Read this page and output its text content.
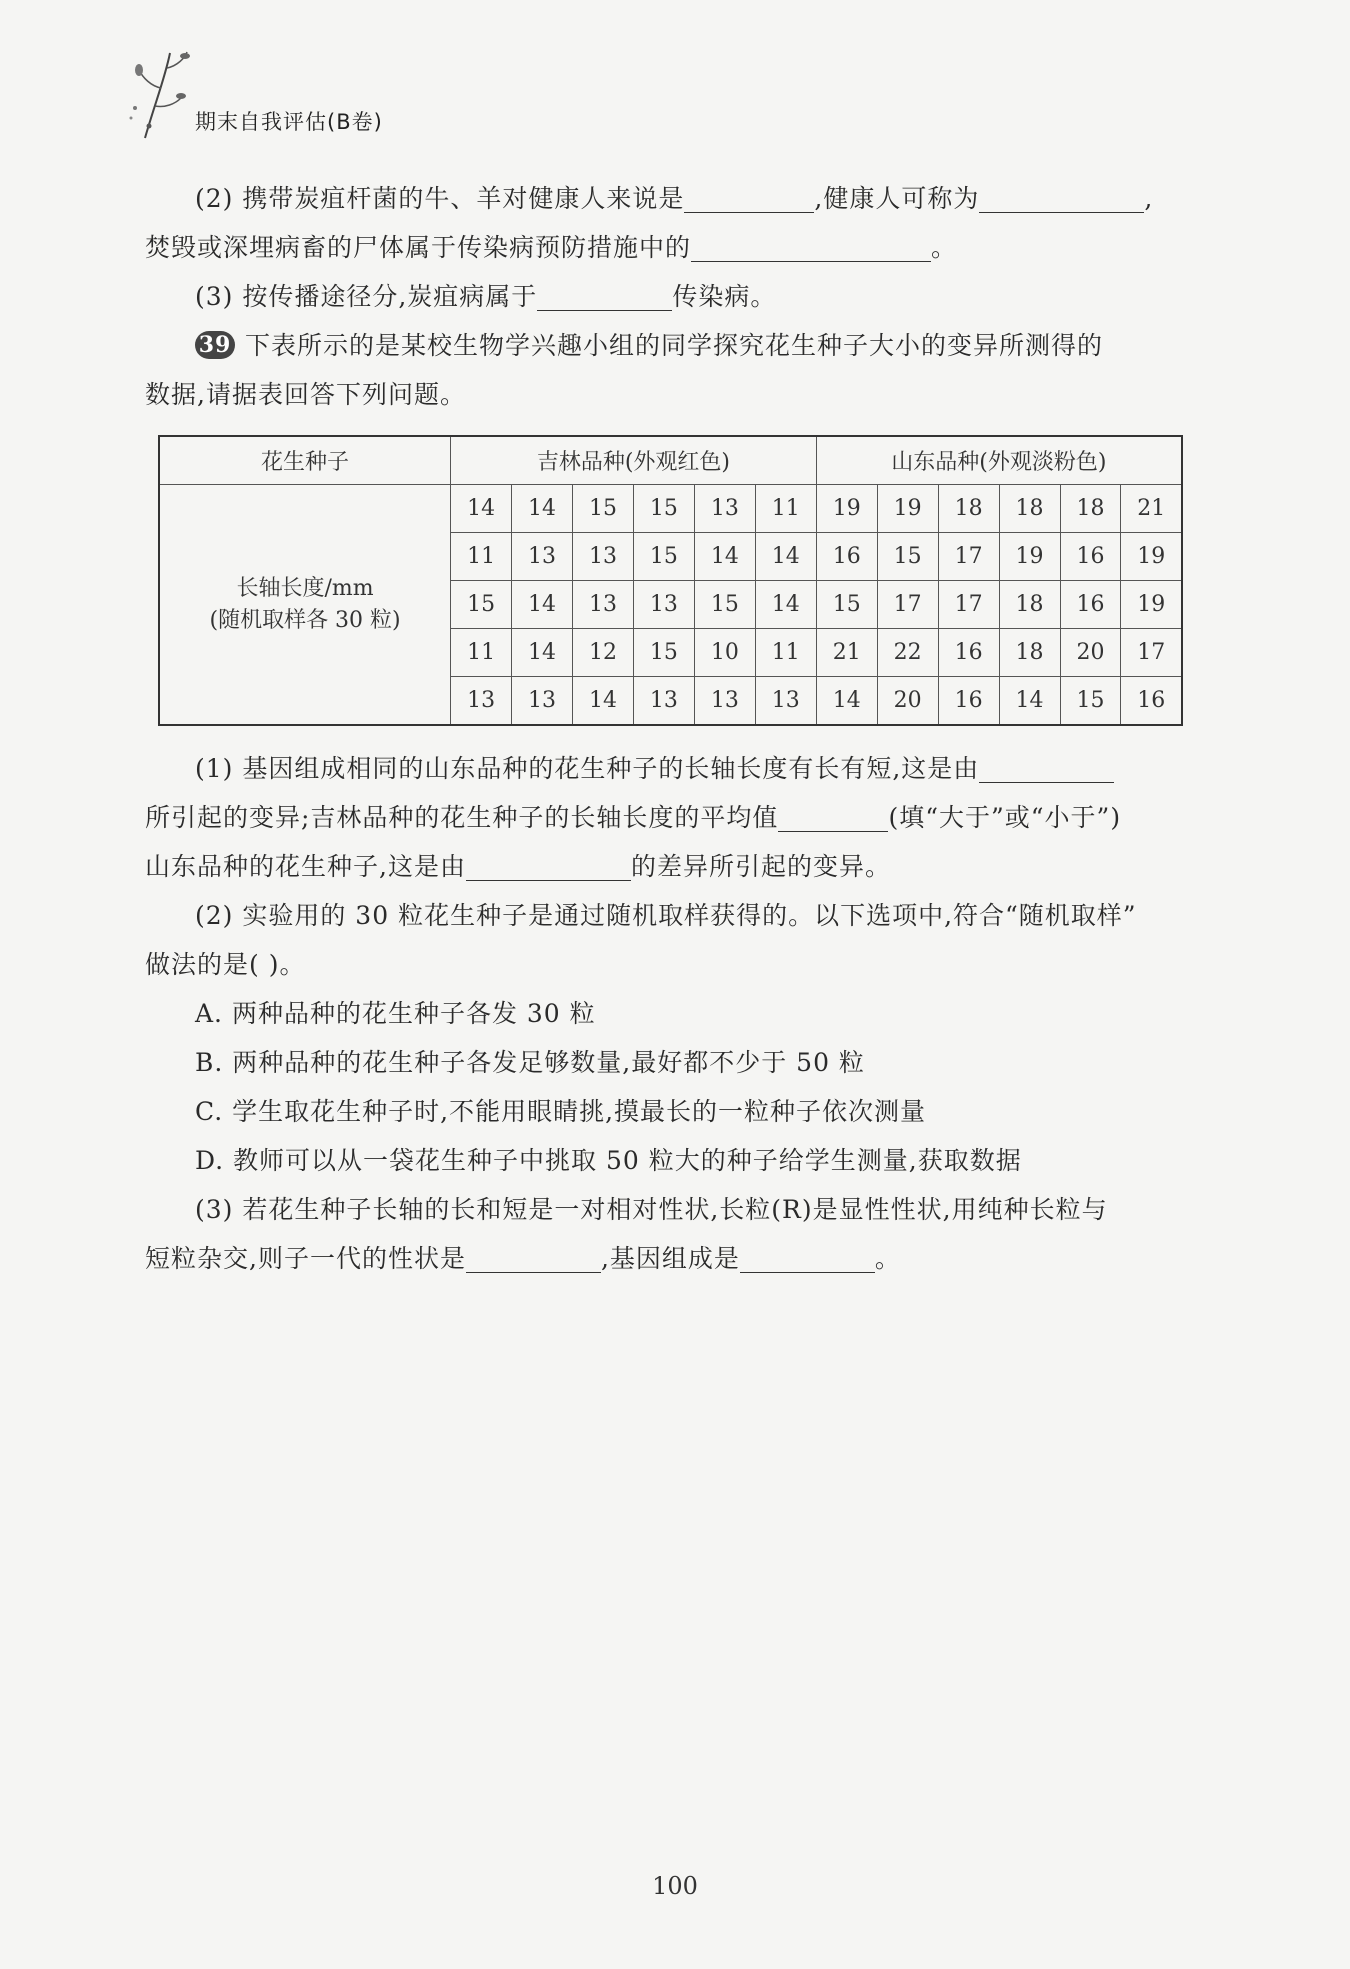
期末自我评估(B卷)
(2) 携带炭疽杆菌的牛、羊对健康人来说是	,健康人可称为	,
焚毁或深埋病畜的尸体属于传染病预防措施中的	。
(3) 按传播途径分,炭疽病属于	传染病。
39 下表所示的是某校生物学兴趣小组的同学探究花生种子大小的变异所测得的
数据,请据表回答下列问题。
花生种子	吉林品种(外观红色)						山东品种(外观淡粉色)					

长轴长度/mm
(随机取样各 30 粒)	14	14	15	15	13	11	19	19	18	18	18	21
	11	13	13	15	14	14	16	15	17	19	16	19
	15	14	13	13	15	14	15	17	17	18	16	19
	11	14	12	15	10	11	21	22	16	18	20	17
	13	13	14	13	13	13	14	20	16	14	15	16
(1) 基因组成相同的山东品种的花生种子的长轴长度有长有短,这是由
所引起的变异;吉林品种的花生种子的长轴长度的平均值	(填“大于”或“小于”)
山东品种的花生种子,这是由	的差异所引起的变异。
(2) 实验用的 30 粒花生种子是通过随机取样获得的。以下选项中,符合“随机取样”
做法的是( )。
A. 两种品种的花生种子各发 30 粒
B. 两种品种的花生种子各发足够数量,最好都不少于 50 粒
C. 学生取花生种子时,不能用眼睛挑,摸最长的一粒种子依次测量
D. 教师可以从一袋花生种子中挑取 50 粒大的种子给学生测量,获取数据
(3) 若花生种子长轴的长和短是一对相对性状,长粒(R)是显性性状,用纯种长粒与
短粒杂交,则子一代的性状是	,基因组成是	。
100
